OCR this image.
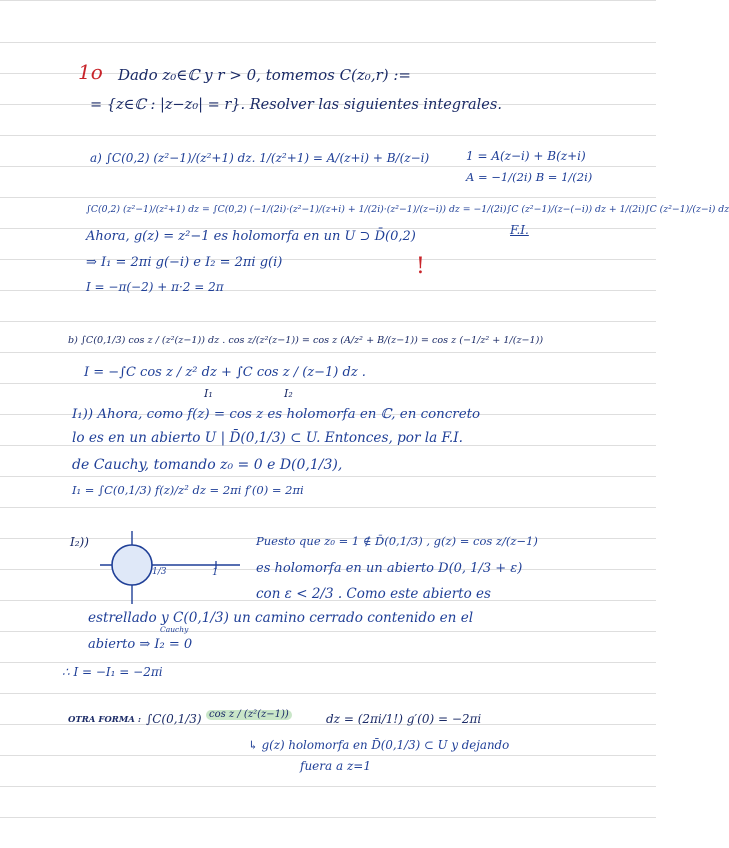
1o Dado z₀∈ℂ y r > 0, tomemos C(z₀,r) :=
= {z∈ℂ : |z−z₀| = r}. Resolver las siguientes integrales.
a) ∫C(0,2) (z²−1)/(z²+1) dz. 1/(z²+1) = A/(z+i) + B/(z−i)	1 = A(z−i) + B(z+i)
A = −1/(2i) B = 1/(2i)
∫C(0,2) (z²−1)/(z²+1) dz = ∫C(0,2) (−1/(2i)·(z²−1)/(z+i) + 1/(2i)·(z²−1)/(z−i)) dz = −1/(2i)∫C (z²−1)/(z−(−i)) dz + 1/(2i)∫C (z²−1)/(z−i) dz
Ahora, g(z) = z²−1 es holomorfa en un U ⊃ D̄(0,2)	F.I.
⇒ I₁ = 2πi g(−i) e I₂ = 2πi g(i)	!
I = −π(−2) + π·2 = 2π
b) ∫C(0,1/3) cos z / (z²(z−1)) dz . cos z/(z²(z−1)) = cos z (A/z² + B/(z−1)) = cos z (−1/z² + 1/(z−1))
I = −∫C cos z / z² dz + ∫C cos z / (z−1) dz .
I₁	I₂
I₁)) Ahora, como f(z) = cos z es holomorfa en ℂ, en concreto
lo es en un abierto U | D̄(0,1/3) ⊂ U. Entonces, por la F.I.
de Cauchy, tomando z₀ = 0 e D(0,1/3),
I₁ = ∫C(0,1/3) f(z)/z² dz = 2πi f′(0) = 2πi
I₂))
1/3	1
Puesto que z₀ = 1 ∉ D̄(0,1/3) , g(z) = cos z/(z−1)
es holomorfa en un abierto D(0, 1/3 + ε)
con ε < 2/3 . Como este abierto es
estrellado y C(0,1/3) un camino cerrado contenido en el
Cauchy
abierto ⇒ I₂ = 0
∴ I = −I₁ = −2πi
OTRA FORMA : ∫C(0,1/3) cos z / (z²(z−1))	dz = (2πi/1!) g′(0) = −2πi
↳ g(z) holomorfa en D̄(0,1/3) ⊂ U y dejando
fuera a z=1
